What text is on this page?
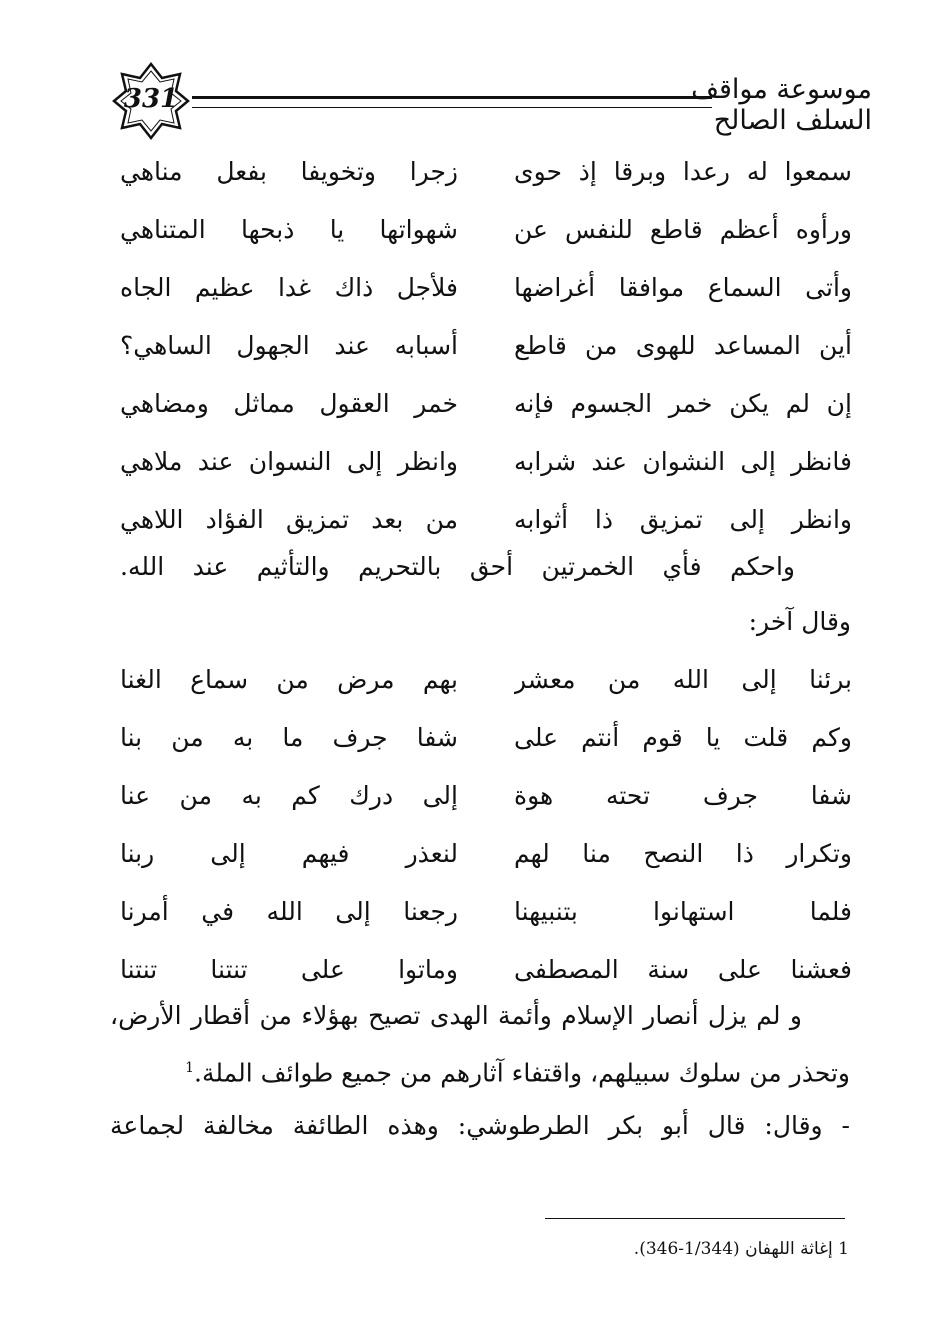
331	موسوعة مواقف السلف الصالح
سمعوا له رعدا وبرقا إذ حوى
زجرا وتخويفا بفعل مناهي
ورأوه أعظم قاطع للنفس عن
شهواتها يا ذبحها المتناهي
وأتى السماع موافقا أغراضها
فلأجل ذاك غدا عظيم الجاه
أين المساعد للهوى من قاطع
أسبابه عند الجهول الساهي؟
إن لم يكن خمر الجسوم فإنه
خمر العقول مماثل ومضاهي
فانظر إلى النشوان عند شرابه
وانظر إلى النسوان عند ملاهي
وانظر إلى تمزيق ذا أثوابه
من بعد تمزيق الفؤاد اللاهي
واحكم فأي الخمرتين أحق بالتحريم والتأثيم عند الله.
وقال آخر:
برئنا إلى الله من معشر
بهم مرض من سماع الغنا
وكم قلت يا قوم أنتم على
شفا جرف ما به من بنا
شفا جرف تحته هوة
إلى درك كم به من عنا
وتكرار ذا النصح منا لهم
لنعذر فيهم إلى ربنا
فلما استهانوا بتنبيهنا
رجعنا إلى الله في أمرنا
فعشنا على سنة المصطفى
وماتوا على تنتنا تنتنا
و لم يزل أنصار الإسلام وأئمة الهدى تصيح بهؤلاء من أقطار الأرض،
وتحذر من سلوك سبيلهم، واقتفاء آثارهم من جميع طوائف الملة.$^1$
- وقال: قال أبو بكر الطرطوشي: وهذه الطائفة مخالفة لجماعة
1 إغاثة اللهفان (1/344-346).
